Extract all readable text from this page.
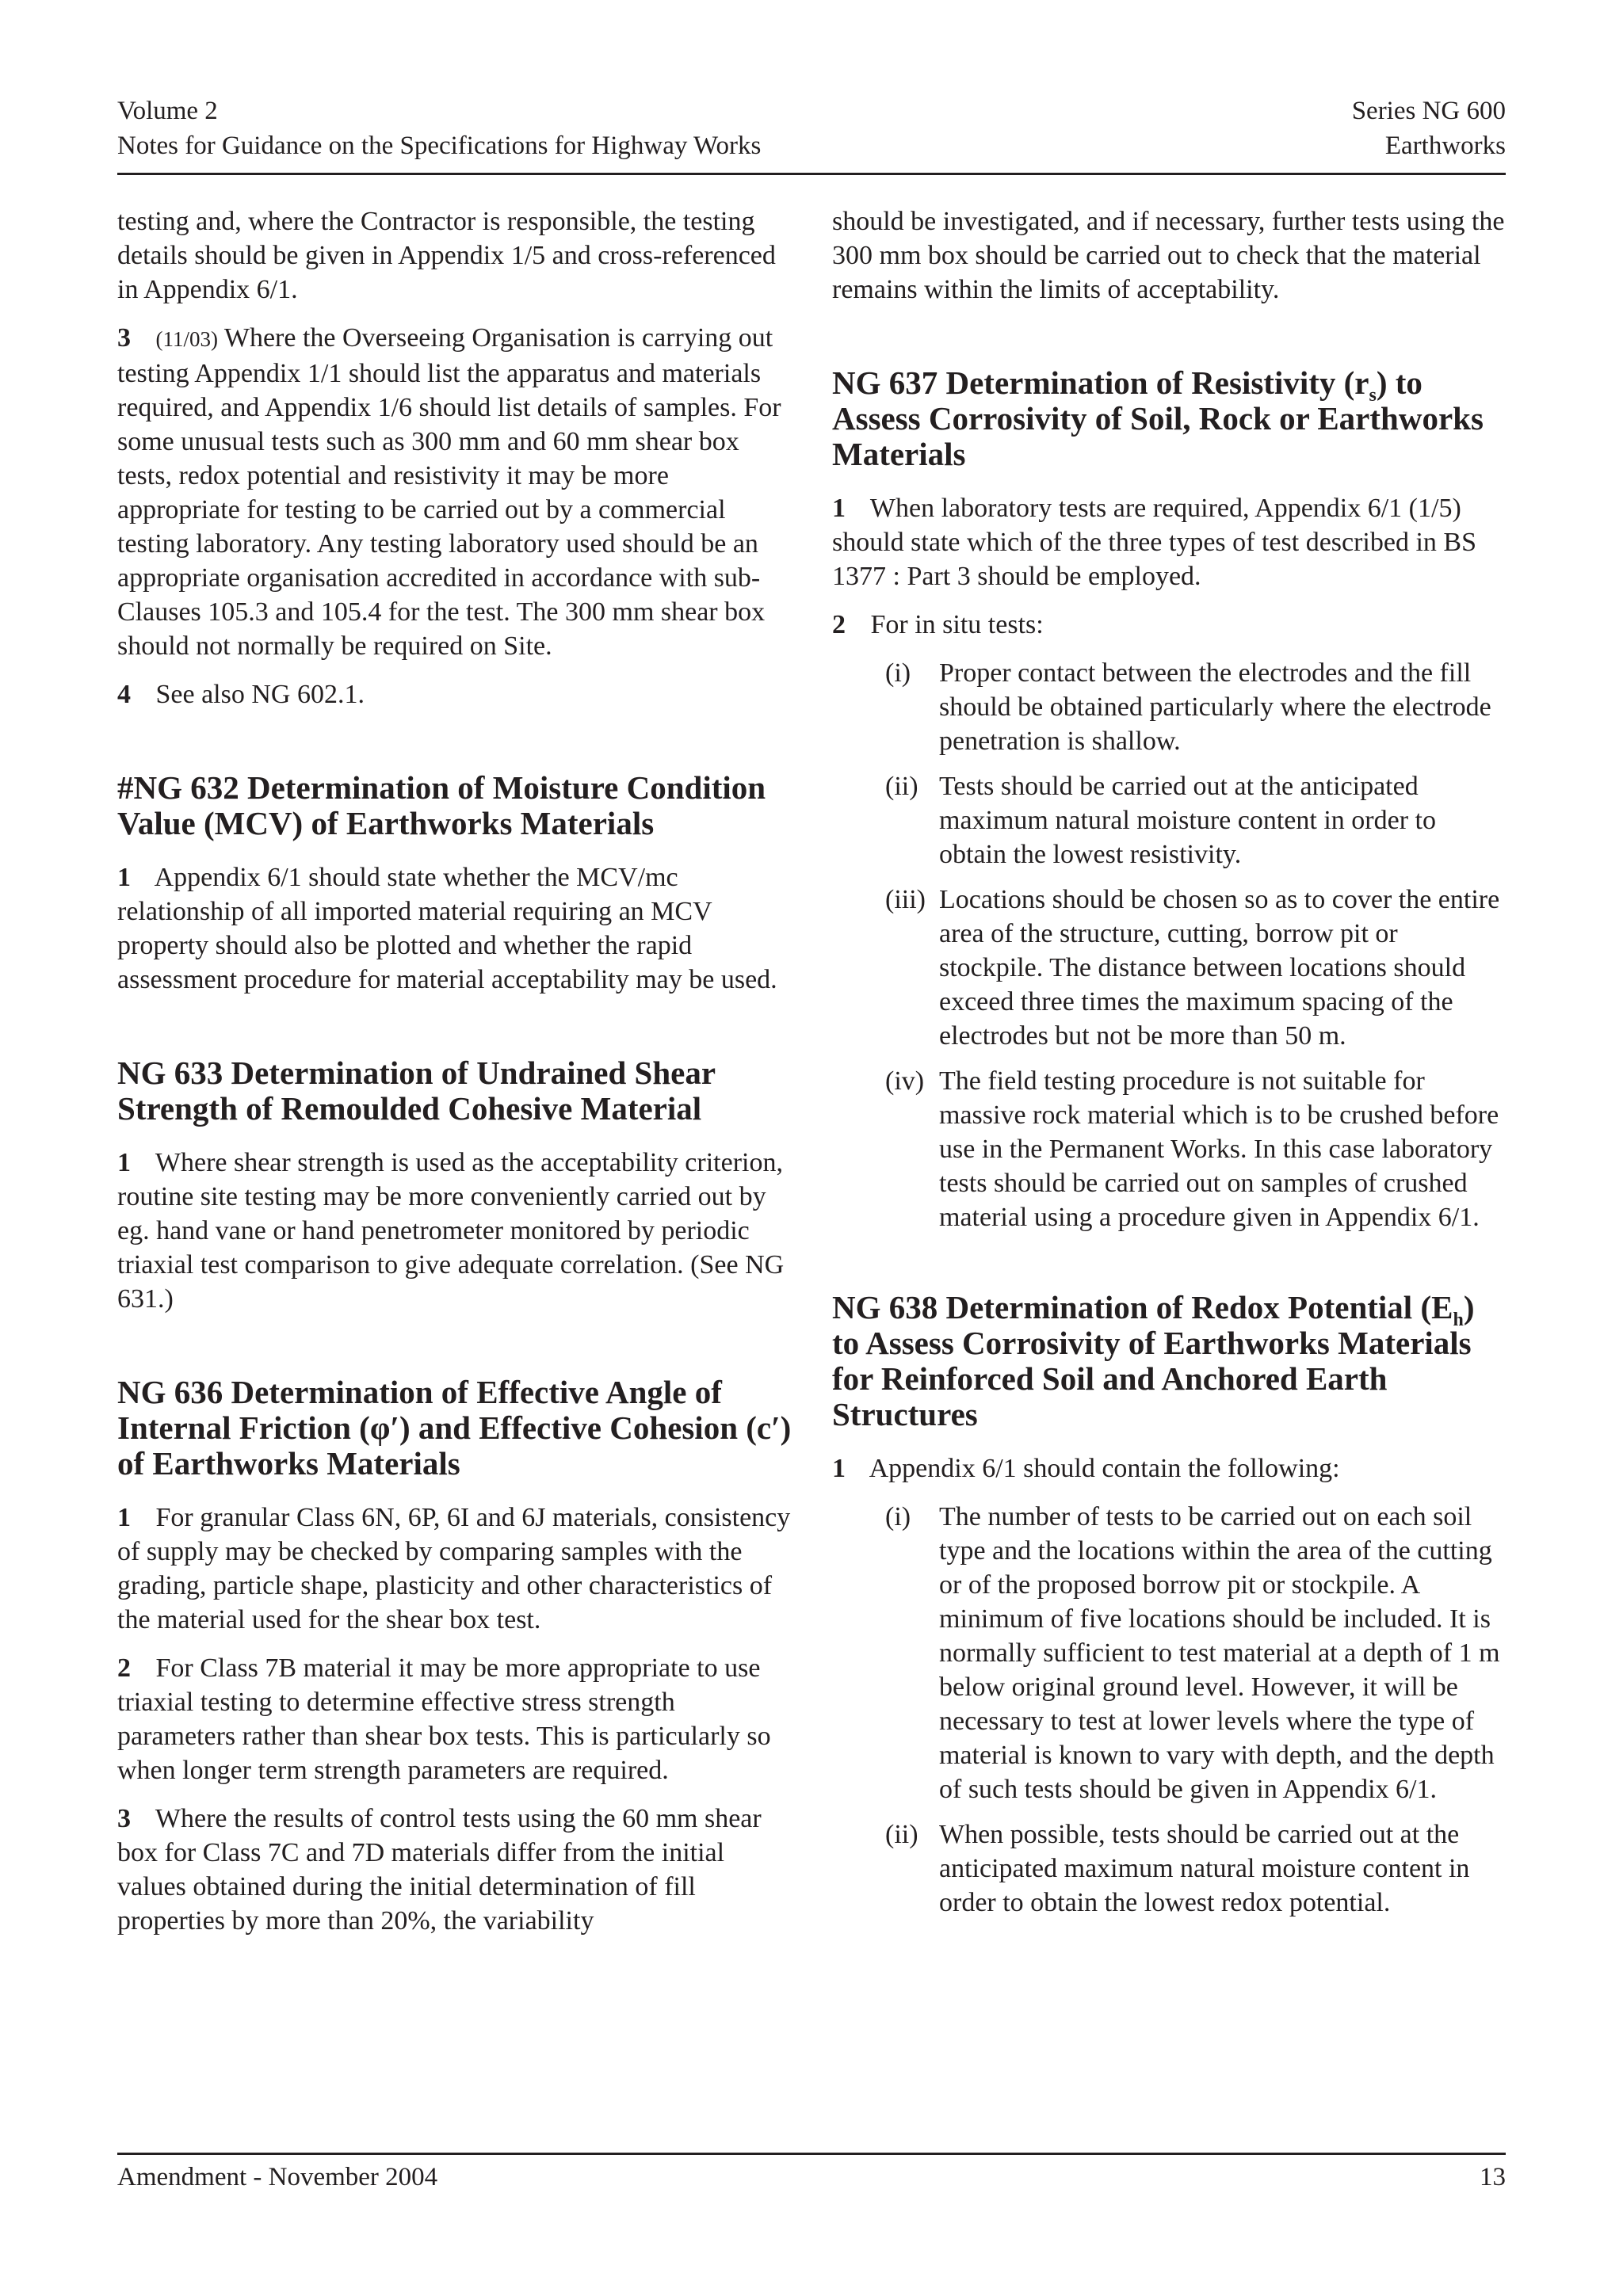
Volume 2
Notes for Guidance on the Specifications for Highway Works
Series NG 600
Earthworks

testing and, where the Contractor is responsible, the testing details should be given in Appendix 1/5 and cross-referenced in Appendix 6/1.

3 (11/03) Where the Overseeing Organisation is carrying out testing Appendix 1/1 should list the apparatus and materials required, and Appendix 1/6 should list details of samples. For some unusual tests such as 300 mm and 60 mm shear box tests, redox potential and resistivity it may be more appropriate for testing to be carried out by a commercial testing laboratory. Any testing laboratory used should be an appropriate organisation accredited in accordance with sub-Clauses 105.3 and 105.4 for the test. The 300 mm shear box should not normally be required on Site.

4 See also NG 602.1.

#NG 632 Determination of Moisture Condition Value (MCV) of Earthworks Materials

1 Appendix 6/1 should state whether the MCV/mc relationship of all imported material requiring an MCV property should also be plotted and whether the rapid assessment procedure for material acceptability may be used.

NG 633 Determination of Undrained Shear Strength of Remoulded Cohesive Material

1 Where shear strength is used as the acceptability criterion, routine site testing may be more conveniently carried out by eg. hand vane or hand penetrometer monitored by periodic triaxial test comparison to give adequate correlation. (See NG 631.)

NG 636 Determination of Effective Angle of Internal Friction (φ′) and Effective Cohesion (c′) of Earthworks Materials

1 For granular Class 6N, 6P, 6I and 6J materials, consistency of supply may be checked by comparing samples with the grading, particle shape, plasticity and other characteristics of the material used for the shear box test.

2 For Class 7B material it may be more appropriate to use triaxial testing to determine effective stress strength parameters rather than shear box tests. This is particularly so when longer term strength parameters are required.

3 Where the results of control tests using the 60 mm shear box for Class 7C and 7D materials differ from the initial values obtained during the initial determination of fill properties by more than 20%, the variability

should be investigated, and if necessary, further tests using the 300 mm box should be carried out to check that the material remains within the limits of acceptability.

NG 637 Determination of Resistivity $(r_s)$ to Assess Corrosivity of Soil, Rock or Earthworks Materials

1 When laboratory tests are required, Appendix 6/1 (1/5) should state which of the three types of test described in BS 1377 : Part 3 should be employed.

2 For in situ tests:

(i)	Proper contact between the electrodes and the fill should be obtained particularly where the electrode penetration is shallow.
(ii) Tests should be carried out at the anticipated maximum natural moisture content in order to obtain the lowest resistivity.
(iii) Locations should be chosen so as to cover the entire area of the structure, cutting, borrow pit or stockpile. The distance between locations should exceed three times the maximum spacing of the electrodes but not be more than 50 m.
(iv) The field testing procedure is not suitable for massive rock material which is to be crushed before use in the Permanent Works. In this case laboratory tests should be carried out on samples of crushed material using a procedure given in Appendix 6/1.
NG 638 Determination of Redox Potential $(E_h)$ to Assess Corrosivity of Earthworks Materials for Reinforced Soil and Anchored Earth Structures

1 Appendix 6/1 should contain the following:

(i)	The number of tests to be carried out on each soil type and the locations within the area of the cutting or of the proposed borrow pit or stockpile. A minimum of five locations should be included. It is normally sufficient to test material at a depth of 1 m below original ground level. However, it will be necessary to test at lower levels where the type of material is known to vary with depth, and the depth of such tests should be given in Appendix 6/1.
(ii) When possible, tests should be carried out at the anticipated maximum natural moisture content in order to obtain the lowest redox potential.
Amendment - November 2004	13
